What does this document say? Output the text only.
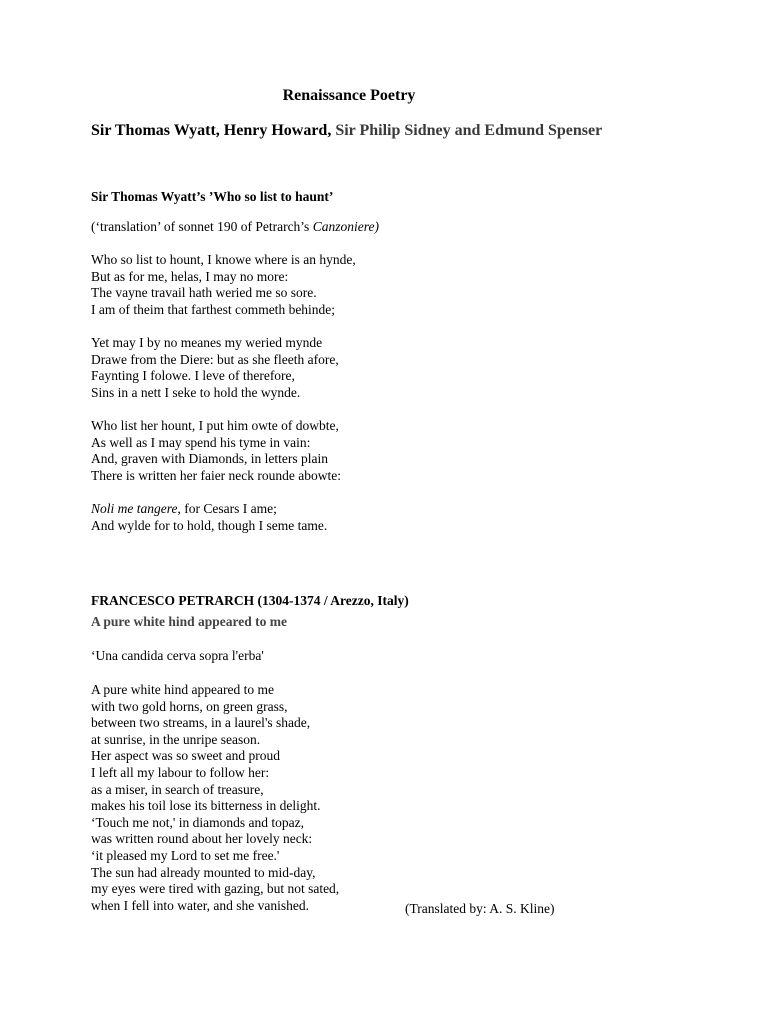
Renaissance Poetry
Sir Thomas Wyatt, Henry Howard, Sir Philip Sidney and Edmund Spenser
Sir Thomas Wyatt’s ’Who so list to haunt’
(‘translation’ of sonnet 190 of Petrarch’s Canzoniere)
Who so list to hount, I knowe where is an hynde,
But as for me, helas, I may no more:
The vayne travail hath weried me so sore.
I am of theim that farthest commeth behinde;
Yet may I by no meanes my weried mynde
Drawe from the Diere: but as she fleeth afore,
Faynting I folowe. I leve of therefore,
Sins in a nett I seke to hold the wynde.
Who list her hount, I put him owte of dowbte,
As well as I may spend his tyme in vain:
And, graven with Diamonds, in letters plain
There is written her faier neck rounde abowte:
Noli me tangere, for Cesars I ame;
And wylde for to hold, though I seme tame.
FRANCESCO PETRARCH (1304-1374 / Arezzo, Italy)
A pure white hind appeared to me
‘Una candida cerva sopra l'erba'
A pure white hind appeared to me
with two gold horns, on green grass,
between two streams, in a laurel's shade,
at sunrise, in the unripe season.
Her aspect was so sweet and proud
I left all my labour to follow her:
as a miser, in search of treasure,
makes his toil lose its bitterness in delight.
‘Touch me not,' in diamonds and topaz,
was written round about her lovely neck:
‘it pleased my Lord to set me free.'
The sun had already mounted to mid-day,
my eyes were tired with gazing, but not sated,
when I fell into water, and she vanished.	(Translated by: A. S. Kline)
